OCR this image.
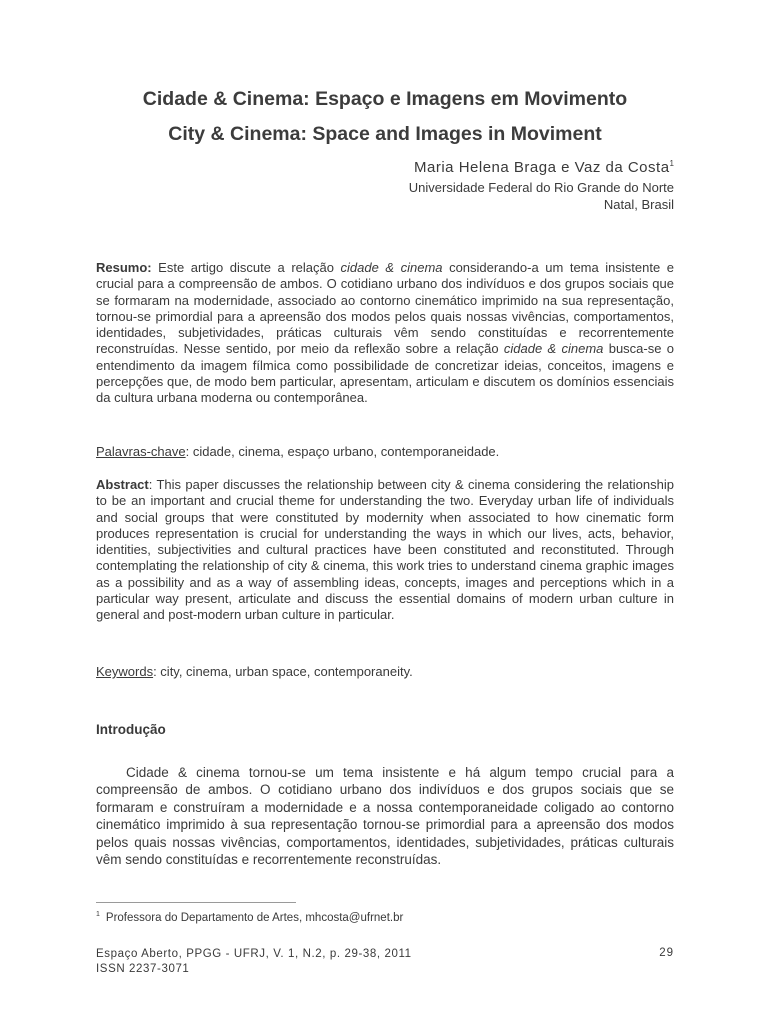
Cidade & Cinema: Espaço e Imagens em Movimento
City & Cinema: Space and Images in Moviment
Maria Helena Braga e Vaz da Costa$^1$
Universidade Federal do Rio Grande do Norte
Natal, Brasil

Resumo: Este artigo discute a relação cidade & cinema considerando-a um tema insistente e crucial para a compreensão de ambos. O cotidiano urbano dos indivíduos e dos grupos sociais que se formaram na modernidade, associado ao contorno cinemático imprimido na sua representação, tornou-se primordial para a apreensão dos modos pelos quais nossas vivências, comportamentos, identidades, subjetividades, práticas culturais vêm sendo constituídas e recorrentemente reconstruídas. Nesse sentido, por meio da reflexão sobre a relação cidade & cinema busca-se o entendimento da imagem fílmica como possibilidade de concretizar ideias, conceitos, imagens e percepções que, de modo bem particular, apresentam, articulam e discutem os domínios essenciais da cultura urbana moderna ou contemporânea.

Palavras-chave: cidade, cinema, espaço urbano, contemporaneidade.

Abstract: This paper discusses the relationship between city & cinema considering the relationship to be an important and crucial theme for understanding the two. Everyday urban life of individuals and social groups that were constituted by modernity when associated to how cinematic form produces representation is crucial for understanding the ways in which our lives, acts, behavior, identities, subjectivities and cultural practices have been constituted and reconstituted. Through contemplating the relationship of city & cinema, this work tries to understand cinema graphic images as a possibility and as a way of assembling ideas, concepts, images and perceptions which in a particular way present, articulate and discuss the essential domains of modern urban culture in general and post-modern urban culture in particular.

Keywords: city, cinema, urban space, contemporaneity.

Introdução

Cidade & cinema tornou-se um tema insistente e há algum tempo crucial para a compreensão de ambos. O cotidiano urbano dos indivíduos e dos grupos sociais que se formaram e construíram a modernidade e a nossa contemporaneidade coligado ao contorno cinemático imprimido à sua representação tornou-se primordial para a apreensão dos modos pelos quais nossas vivências, comportamentos, identidades, subjetividades, práticas culturais vêm sendo constituídas e recorrentemente reconstruídas.

$^1$ Professora do Departamento de Artes, mhcosta@ufrnet.br
Espaço Aberto, PPGG - UFRJ, V. 1, N.2, p. 29-38, 2011
ISSN 2237-3071
29
